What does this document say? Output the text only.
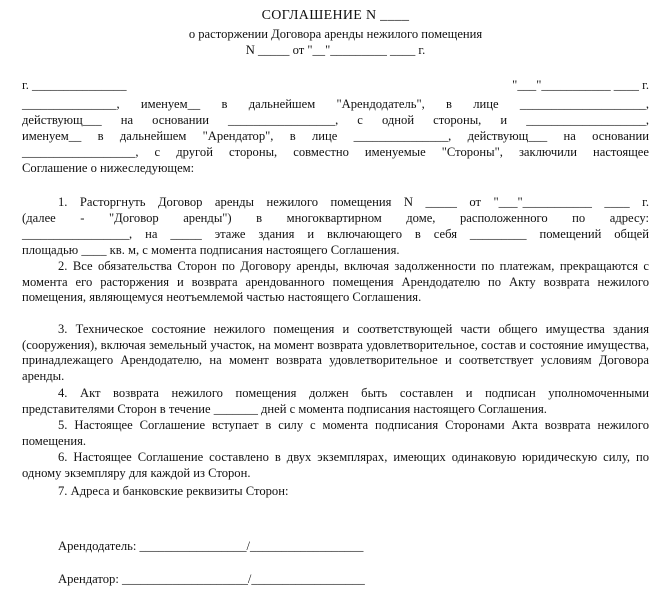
СОГЛАШЕНИЕ N ____
о расторжении Договора аренды нежилого помещения
N _____ от "__"_________ ____ г.
г. _______________	"___"___________ ____ г.
_______________, именуем__ в дальнейшем "Арендодатель", в лице ____________________,
действующ___ на основании _________________, с одной стороны, и ___________________,
именуем__ в дальнейшем "Арендатор", в лице _______________, действующ___ на основании
__________________, с другой стороны, совместно именуемые "Стороны", заключили настоящее
Соглашение о нижеследующем:
1. Расторгнуть Договор аренды нежилого помещения N _____ от "___"___________ ____ г.
(далее - "Договор аренды") в многоквартирном доме, расположенного по адресу:
_________________, на _____ этаже здания и включающего в себя _________ помещений общей
площадью ____ кв. м, с момента подписания настоящего Соглашения.
2. Все обязательства Сторон по Договору аренды, включая задолженности по платежам, прекращаются с момента его расторжения и возврата арендованного помещения Арендодателю по Акту возврата нежилого помещения, являющемуся неотъемлемой частью настоящего Соглашения.
3. Техническое состояние нежилого помещения и соответствующей части общего имущества здания (сооружения), включая земельный участок, на момент возврата удовлетворительное, состав и состояние имущества, принадлежащего Арендодателю, на момент возврата удовлетворительное и соответствует условиям Договора аренды.
4. Акт возврата нежилого помещения должен быть составлен и подписан уполномоченными представителями Сторон в течение _______ дней с момента подписания настоящего Соглашения.
5. Настоящее Соглашение вступает в силу с момента подписания Сторонами Акта возврата нежилого помещения.
6. Настоящее Соглашение составлено в двух экземплярах, имеющих одинаковую юридическую силу, по одному экземпляру для каждой из Сторон.
7. Адреса и банковские реквизиты Сторон:
Арендодатель: _________________/__________________
Арендатор: ____________________/__________________
